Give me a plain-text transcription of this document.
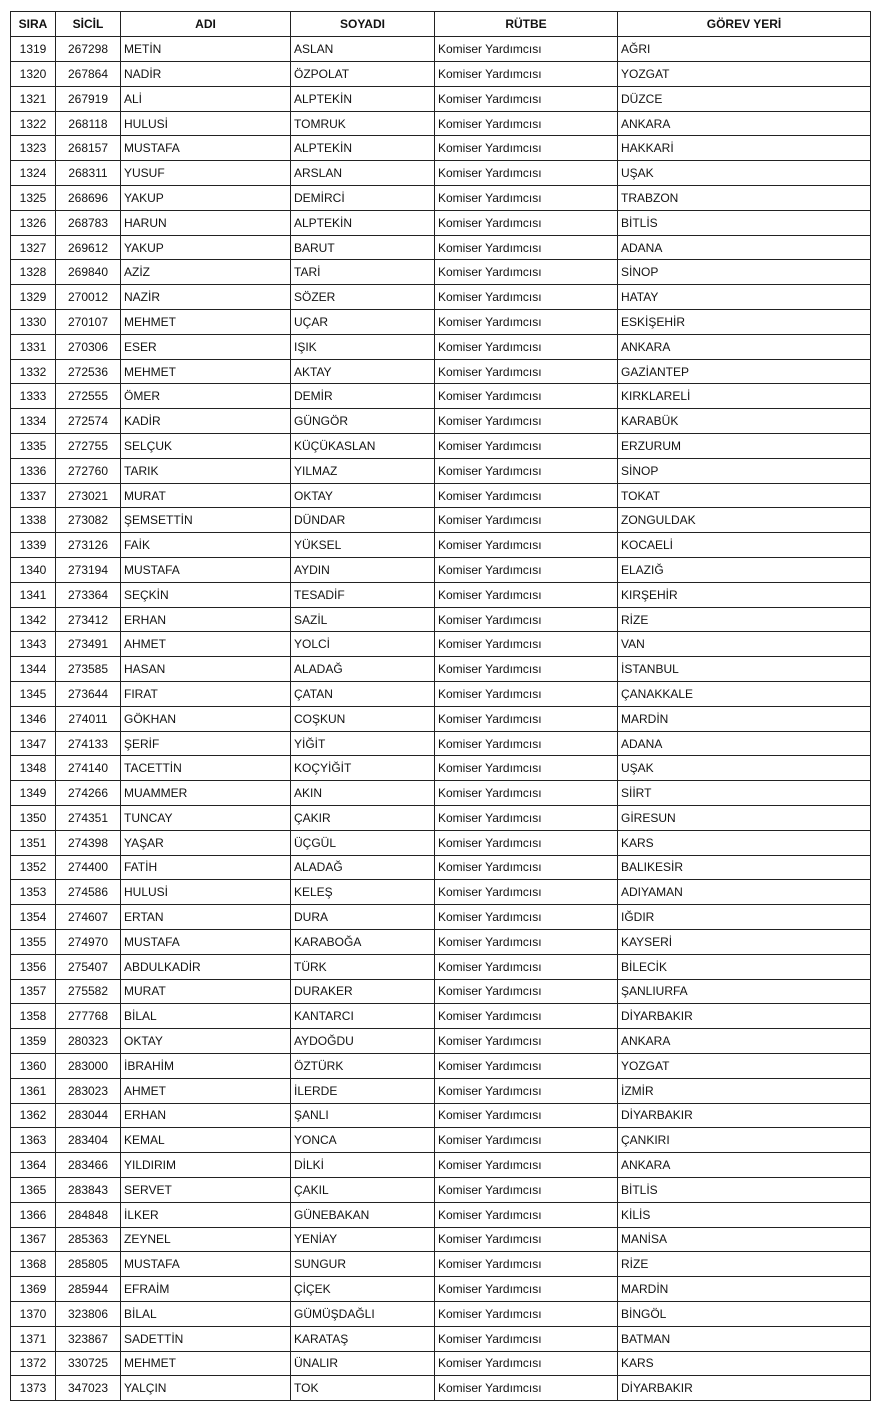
SIRA	SİCİL	ADI	SOYADI	RÜTBE	GÖREV YERİ
1319	267298	METİN	ASLAN	Komiser Yardımcısı	AĞRI
1320	267864	NADİR	ÖZPOLAT	Komiser Yardımcısı	YOZGAT
1321	267919	ALİ	ALPTEKİN	Komiser Yardımcısı	DÜZCE
1322	268118	HULUSİ	TOMRUK	Komiser Yardımcısı	ANKARA
1323	268157	MUSTAFA	ALPTEKİN	Komiser Yardımcısı	HAKKARİ
1324	268311	YUSUF	ARSLAN	Komiser Yardımcısı	UŞAK
1325	268696	YAKUP	DEMİRCİ	Komiser Yardımcısı	TRABZON
1326	268783	HARUN	ALPTEKİN	Komiser Yardımcısı	BİTLİS
1327	269612	YAKUP	BARUT	Komiser Yardımcısı	ADANA
1328	269840	AZİZ	TARİ	Komiser Yardımcısı	SİNOP
1329	270012	NAZİR	SÖZER	Komiser Yardımcısı	HATAY
1330	270107	MEHMET	UÇAR	Komiser Yardımcısı	ESKİŞEHİR
1331	270306	ESER	IŞIK	Komiser Yardımcısı	ANKARA
1332	272536	MEHMET	AKTAY	Komiser Yardımcısı	GAZİANTEP
1333	272555	ÖMER	DEMİR	Komiser Yardımcısı	KIRKLARELİ
1334	272574	KADİR	GÜNGÖR	Komiser Yardımcısı	KARABÜK
1335	272755	SELÇUK	KÜÇÜKASLAN	Komiser Yardımcısı	ERZURUM
1336	272760	TARIK	YILMAZ	Komiser Yardımcısı	SİNOP
1337	273021	MURAT	OKTAY	Komiser Yardımcısı	TOKAT
1338	273082	ŞEMSETTİN	DÜNDAR	Komiser Yardımcısı	ZONGULDAK
1339	273126	FAİK	YÜKSEL	Komiser Yardımcısı	KOCAELİ
1340	273194	MUSTAFA	AYDIN	Komiser Yardımcısı	ELAZIĞ
1341	273364	SEÇKİN	TESADİF	Komiser Yardımcısı	KIRŞEHİR
1342	273412	ERHAN	SAZİL	Komiser Yardımcısı	RİZE
1343	273491	AHMET	YOLCİ	Komiser Yardımcısı	VAN
1344	273585	HASAN	ALADAĞ	Komiser Yardımcısı	İSTANBUL
1345	273644	FIRAT	ÇATAN	Komiser Yardımcısı	ÇANAKKALE
1346	274011	GÖKHAN	COŞKUN	Komiser Yardımcısı	MARDİN
1347	274133	ŞERİF	YİĞİT	Komiser Yardımcısı	ADANA
1348	274140	TACETTİN	KOÇYİĞİT	Komiser Yardımcısı	UŞAK
1349	274266	MUAMMER	AKIN	Komiser Yardımcısı	SİİRT
1350	274351	TUNCAY	ÇAKIR	Komiser Yardımcısı	GİRESUN
1351	274398	YAŞAR	ÜÇGÜL	Komiser Yardımcısı	KARS
1352	274400	FATİH	ALADAĞ	Komiser Yardımcısı	BALIKESİR
1353	274586	HULUSİ	KELEŞ	Komiser Yardımcısı	ADIYAMAN
1354	274607	ERTAN	DURA	Komiser Yardımcısı	IĞDIR
1355	274970	MUSTAFA	KARABOĞA	Komiser Yardımcısı	KAYSERİ
1356	275407	ABDULKADİR	TÜRK	Komiser Yardımcısı	BİLECİK
1357	275582	MURAT	DURAKER	Komiser Yardımcısı	ŞANLIURFA
1358	277768	BİLAL	KANTARCI	Komiser Yardımcısı	DİYARBAKIR
1359	280323	OKTAY	AYDOĞDU	Komiser Yardımcısı	ANKARA
1360	283000	İBRAHİM	ÖZTÜRK	Komiser Yardımcısı	YOZGAT
1361	283023	AHMET	İLERDE	Komiser Yardımcısı	İZMİR
1362	283044	ERHAN	ŞANLI	Komiser Yardımcısı	DİYARBAKIR
1363	283404	KEMAL	YONCA	Komiser Yardımcısı	ÇANKIRI
1364	283466	YILDIRIM	DİLKİ	Komiser Yardımcısı	ANKARA
1365	283843	SERVET	ÇAKIL	Komiser Yardımcısı	BİTLİS
1366	284848	İLKER	GÜNEBAKAN	Komiser Yardımcısı	KİLİS
1367	285363	ZEYNEL	YENİAY	Komiser Yardımcısı	MANİSA
1368	285805	MUSTAFA	SUNGUR	Komiser Yardımcısı	RİZE
1369	285944	EFRAİM	ÇİÇEK	Komiser Yardımcısı	MARDİN
1370	323806	BİLAL	GÜMÜŞDAĞLI	Komiser Yardımcısı	BİNGÖL
1371	323867	SADETTİN	KARATAŞ	Komiser Yardımcısı	BATMAN
1372	330725	MEHMET	ÜNALIR	Komiser Yardımcısı	KARS
1373	347023	YALÇIN	TOK	Komiser Yardımcısı	DİYARBAKIR
